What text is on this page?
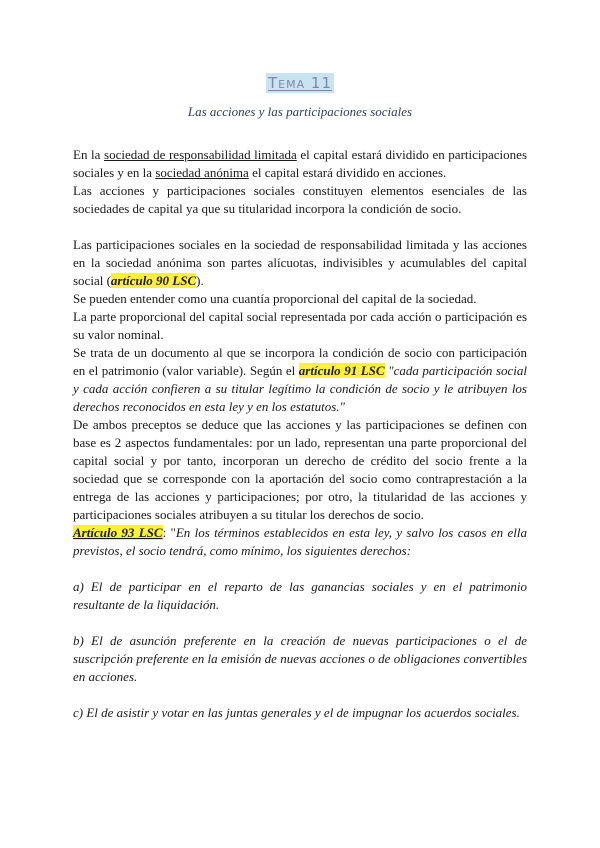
Tema 11
Las acciones y las participaciones sociales

En la sociedad de responsabilidad limitada el capital estará dividido en participaciones sociales y en la sociedad anónima el capital estará dividido en acciones.

Las acciones y participaciones sociales constituyen elementos esenciales de las sociedades de capital ya que su titularidad incorpora la condición de socio.

Las participaciones sociales en la sociedad de responsabilidad limitada y las acciones en la sociedad anónima son partes alícuotas, indivisibles y acumulables del capital social (artículo 90 LSC).

Se pueden entender como una cuantía proporcional del capital de la sociedad.

La parte proporcional del capital social representada por cada acción o participación es su valor nominal.

Se trata de un documento al que se incorpora la condición de socio con participación en el patrimonio (valor variable). Según el artículo 91 LSC "cada participación social y cada acción confieren a su titular legítimo la condición de socio y le atribuyen los derechos reconocidos en esta ley y en los estatutos."

De ambos preceptos se deduce que las acciones y las participaciones se definen con base es 2 aspectos fundamentales: por un lado, representan una parte proporcional del capital social y por tanto, incorporan un derecho de crédito del socio frente a la sociedad que se corresponde con la aportación del socio como contraprestación a la entrega de las acciones y participaciones; por otro, la titularidad de las acciones y participaciones sociales atribuyen a su titular los derechos de socio.

Artículo 93 LSC: "En los términos establecidos en esta ley, y salvo los casos en ella previstos, el socio tendrá, como mínimo, los siguientes derechos:

a) El de participar en el reparto de las ganancias sociales y en el patrimonio resultante de la liquidación.

b) El de asunción preferente en la creación de nuevas participaciones o el de suscripción preferente en la emisión de nuevas acciones o de obligaciones convertibles en acciones.

c) El de asistir y votar en las juntas generales y el de impugnar los acuerdos sociales.
